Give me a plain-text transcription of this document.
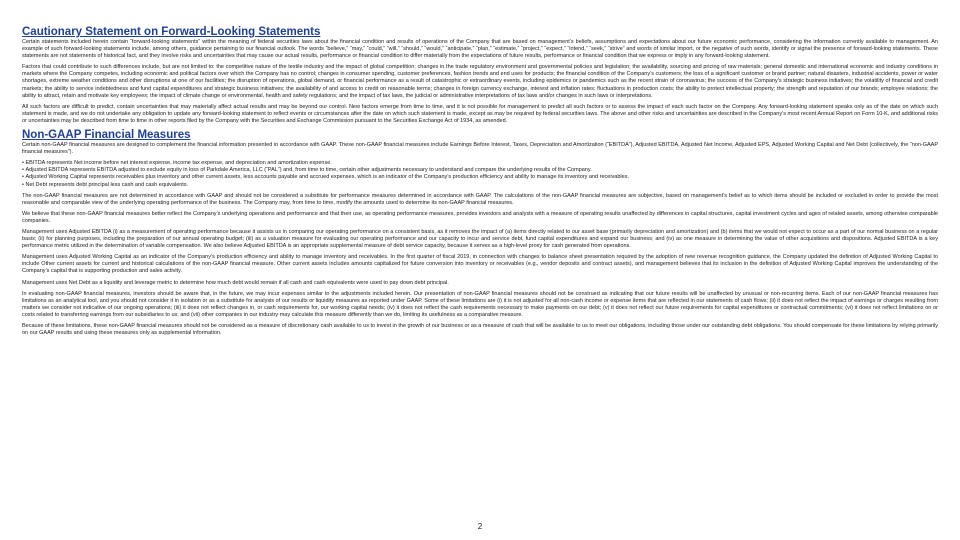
Cautionary Statement on Forward-Looking Statements

Certain statements included herein contain “forward-looking statements” within the meaning of federal securities laws about the financial condition and results of operations of the Company that are based on management’s beliefs, assumptions and expectations about our future economic performance, considering the information currently available to management. An example of such forward-looking statements include, among others, guidance pertaining to our financial outlook. The words “believe,” “may,” “could,” “will,” “should,” “would,” “anticipate,” “plan,” “estimate,” “project,” “expect,” “intend,” “seek,” “strive” and words of similar import, or the negative of such words, identify or signal the presence of forward-looking statements. These statements are not statements of historical fact, and they involve risks and uncertainties that may cause our actual results, performance or financial condition to differ materially from the expectations of future results, performance or financial condition that we express or imply in any forward-looking statement.

Factors that could contribute to such differences include, but are not limited to: the competitive nature of the textile industry and the impact of global competition; changes in the trade regulatory environment and governmental policies and legislation; the availability, sourcing and pricing of raw materials; general domestic and international economic and industry conditions in markets where the Company competes, including economic and political factors over which the Company has no control; changes in consumer spending, customer preferences, fashion trends and end uses for products; the financial condition of the Company’s customers; the loss of a significant customer or brand partner; natural disasters, industrial accidents, power or water shortages, extreme weather conditions and other disruptions at one of our facilities; the disruption of operations, global demand, or financial performance as a result of catastrophic or extraordinary events, including epidemics or pandemics such as the recent strain of coronavirus; the success of the Company’s strategic business initiatives; the volatility of financial and credit markets; the ability to service indebtedness and fund capital expenditures and strategic business initiatives; the availability of and access to credit on reasonable terms; changes in foreign currency exchange, interest and inflation rates; fluctuations in production costs; the ability to protect intellectual property; the strength and reputation of our brands; employee relations; the ability to attract, retain and motivate key employees; the impact of climate change or environmental, health and safety regulations; and the impact of tax laws, the judicial or administrative interpretations of tax laws and/or changes in such laws or interpretations.

All such factors are difficult to predict, contain uncertainties that may materially affect actual results and may be beyond our control. New factors emerge from time to time, and it is not possible for management to predict all such factors or to assess the impact of each such factor on the Company. Any forward-looking statement speaks only as of the date on which such statement is made, and we do not undertake any obligation to update any forward-looking statement to reflect events or circumstances after the date on which such statement is made, except as may be required by federal securities laws. The above and other risks and uncertainties are described in the Company’s most recent Annual Report on Form 10-K, and additional risks or uncertainties may be described from time to time in other reports filed by the Company with the Securities and Exchange Commission pursuant to the Securities Exchange Act of 1934, as amended.

Non-GAAP Financial Measures

Certain non-GAAP financial measures are designed to complement the financial information presented in accordance with GAAP. These non-GAAP financial measures include Earnings Before Interest, Taxes, Depreciation and Amortization (“EBITDA”), Adjusted EBITDA, Adjusted Net Income, Adjusted EPS, Adjusted Working Capital and Net Debt (collectively, the “non-GAAP financial measures”).

• EBITDA represents Net income before net interest expense, income tax expense, and depreciation and amortization expense.
• Adjusted EBITDA represents EBITDA adjusted to exclude equity in loss of Parkdale America, LLC (“PAL”) and, from time to time, certain other adjustments necessary to understand and compare the underlying results of the Company.
• Adjusted Working Capital represents receivables plus inventory and other current assets, less accounts payable and accrued expenses, which is an indicator of the Company’s production efficiency and ability to manage its inventory and receivables.
• Net Debt represents debt principal less cash and cash equivalents.

The non-GAAP financial measures are not determined in accordance with GAAP and should not be considered a substitute for performance measures determined in accordance with GAAP. The calculations of the non-GAAP financial measures are subjective, based on management’s belief as to which items should be included or excluded in order to provide the most reasonable and comparable view of the underlying operating performance of the business. The Company may, from time to time, modify the amounts used to determine its non-GAAP financial measures.

We believe that these non-GAAP financial measures better reflect the Company’s underlying operations and performance and that their use, as operating performance measures, provides investors and analysts with a measure of operating results unaffected by differences in capital structures, capital investment cycles and ages of related assets, among otherwise comparable companies.

Management uses Adjusted EBITDA (i) as a measurement of operating performance because it assists us in comparing our operating performance on a consistent basis, as it removes the impact of (a) items directly related to our asset base (primarily depreciation and amortization) and (b) items that we would not expect to occur as a part of our normal business on a regular basis; (ii) for planning purposes, including the preparation of our annual operating budget; (iii) as a valuation measure for evaluating our operating performance and our capacity to incur and service debt, fund capital expenditures and expand our business; and (iv) as one measure in determining the value of other acquisitions and dispositions. Adjusted EBITDA is a key performance metric utilized in the determination of variable compensation. We also believe Adjusted EBITDA is an appropriate supplemental measure of debt service capacity, because it serves as a high-level proxy for cash generated from operations.

Management uses Adjusted Working Capital as an indicator of the Company’s production efficiency and ability to manage inventory and receivables. In the first quarter of fiscal 2019, in connection with changes to balance sheet presentation required by the adoption of new revenue recognition guidance, the Company updated the definition of Adjusted Working Capital to include Other current assets for current and historical calculations of the non-GAAP financial measure. Other current assets includes amounts capitalized for future conversion into inventory or receivables (e.g., vendor deposits and contract assets), and management believes that its inclusion in the definition of Adjusted Working Capital improves the understanding of the Company’s capital that is supporting production and sales activity.

Management uses Net Debt as a liquidity and leverage metric to determine how much debt would remain if all cash and cash equivalents were used to pay down debt principal.

In evaluating non-GAAP financial measures, investors should be aware that, in the future, we may incur expenses similar to the adjustments included herein. Our presentation of non-GAAP financial measures should not be construed as indicating that our future results will be unaffected by unusual or non-recurring items. Each of our non-GAAP financial measures has limitations as an analytical tool, and you should not consider it in isolation or as a substitute for analysis of our results or liquidity measures as reported under GAAP. Some of these limitations are (i) it is not adjusted for all non-cash income or expense items that are reflected in our statements of cash flows; (ii) it does not reflect the impact of earnings or charges resulting from matters we consider not indicative of our ongoing operations; (iii) it does not reflect changes in, or cash requirements for, our working capital needs; (iv) it does not reflect the cash requirements necessary to make payments on our debt; (v) it does not reflect our future requirements for capital expenditures or contractual commitments; (vi) it does not reflect limitations on or costs related to transferring earnings from our subsidiaries to us; and (vii) other companies in our industry may calculate this measure differently than we do, limiting its usefulness as a comparative measure.

Because of these limitations, these non-GAAP financial measures should not be considered as a measure of discretionary cash available to us to invest in the growth of our business or as a measure of cash that will be available to us to meet our obligations, including those under our outstanding debt obligations. You should compensate for these limitations by relying primarily on our GAAP results and using these measures only as supplemental information.

2
